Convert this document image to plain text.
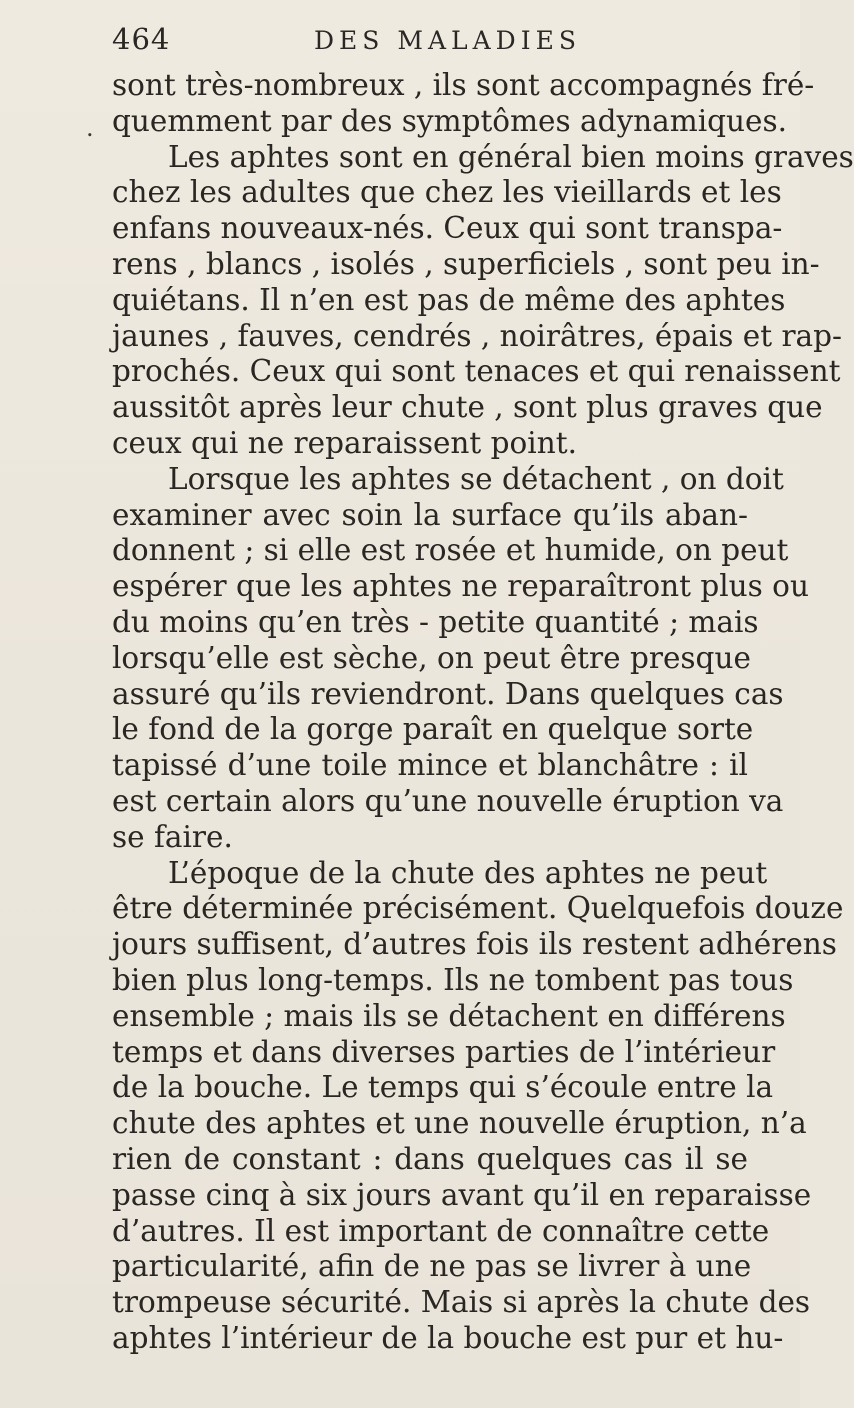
464	DES MALADIES
.
sont très-nombreux , ils sont accompagnés fré-
quemment par des symptômes adynamiques.
Les aphtes sont en général bien moins graves
chez les adultes que chez les vieillards et les
enfans nouveaux-nés. Ceux qui sont transpa-
rens , blancs , isolés , superficiels , sont peu in-
quiétans. Il n’en est pas de même des aphtes
jaunes , fauves, cendrés , noirâtres, épais et rap-
prochés. Ceux qui sont tenaces et qui renaissent
aussitôt après leur chute , sont plus graves que
ceux qui ne reparaissent point.
Lorsque les aphtes se détachent , on doit
examiner avec soin la surface qu’ils aban-
donnent ; si elle est rosée et humide, on peut
espérer que les aphtes ne reparaîtront plus ou
du moins qu’en très - petite quantité ; mais
lorsqu’elle est sèche, on peut être presque
assuré qu’ils reviendront. Dans quelques cas
le fond de la gorge paraît en quelque sorte
tapissé d’une toile mince et blanchâtre : il
est certain alors qu’une nouvelle éruption va
se faire.
L’époque de la chute des aphtes ne peut
être déterminée précisément. Quelquefois douze
jours suffisent, d’autres fois ils restent adhérens
bien plus long-temps. Ils ne tombent pas tous
ensemble ; mais ils se détachent en différens
temps et dans diverses parties de l’intérieur
de la bouche. Le temps qui s’écoule entre la
chute des aphtes et une nouvelle éruption, n’a
rien de constant : dans quelques cas il se
passe cinq à six jours avant qu’il en reparaisse
d’autres. Il est important de connaître cette
particularité, afin de ne pas se livrer à une
trompeuse sécurité. Mais si après la chute des
aphtes l’intérieur de la bouche est pur et hu-
